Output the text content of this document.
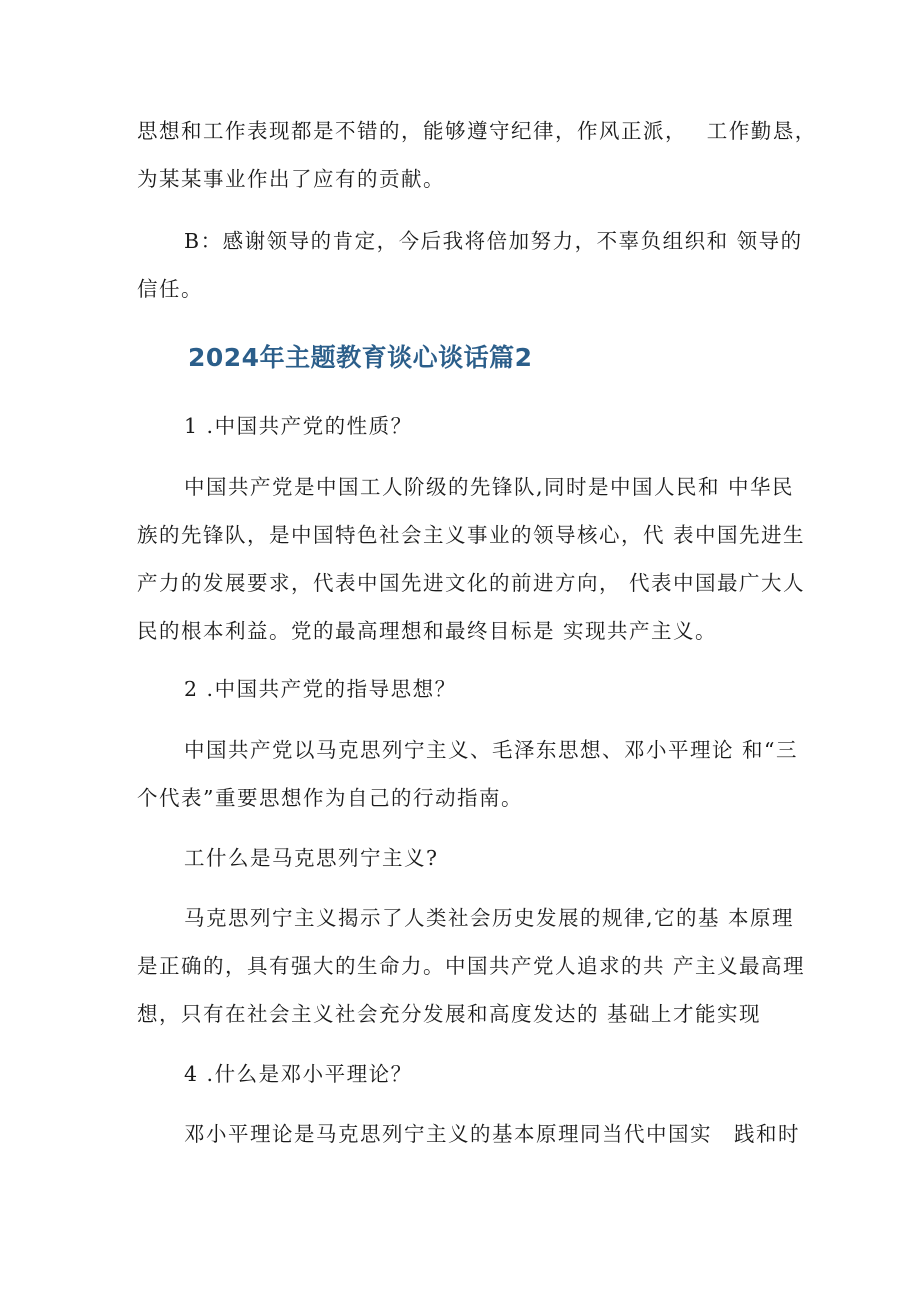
思想和工作表现都是不错的，能够遵守纪律，作风正派，　 工作勤恳，
为某某事业作出了应有的贡献。

B：感谢领导的肯定，今后我将倍加努力，不辜负组织和 领导的
信任。

2024年主题教育谈心谈话篇2

1 .中国共产党的性质？

中国共产党是中国工人阶级的先锋队,同时是中国人民和 中华民
族的先锋队，是中国特色社会主义事业的领导核心，代 表中国先进生
产力的发展要求，代表中国先进文化的前进方向， 代表中国最广大人
民的根本利益。党的最高理想和最终目标是 实现共产主义。

2 .中国共产党的指导思想？

中国共产党以马克思列宁主义、毛泽东思想、邓小平理论 和“三
个代表”重要思想作为自己的行动指南。

工什么是马克思列宁主义?

马克思列宁主义揭示了人类社会历史发展的规律,它的基 本原理
是正确的，具有强大的生命力。中国共产党人追求的共 产主义最高理
想，只有在社会主义社会充分发展和高度发达的 基础上才能实现

4 .什么是邓小平理论？

邓小平理论是马克思列宁主义的基本原理同当代中国实　践和时
